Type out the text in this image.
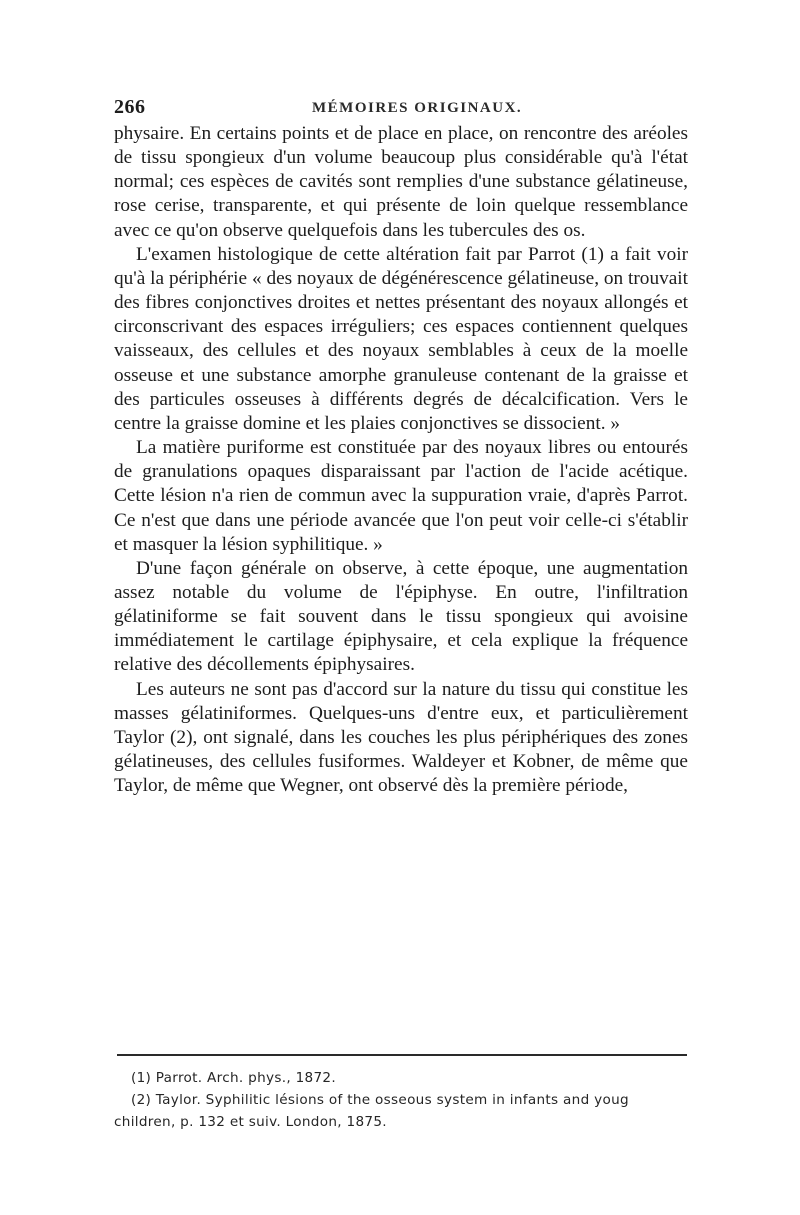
266	MÉMOIRES ORIGINAUX.

physaire. En certains points et de place en place, on rencontre des aréoles de tissu spongieux d'un volume beaucoup plus considérable qu'à l'état normal; ces espèces de cavités sont remplies d'une substance gélatineuse, rose cerise, transparente, et qui présente de loin quelque ressemblance avec ce qu'on observe quelquefois dans les tubercules des os.

L'examen histologique de cette altération fait par Parrot (1) a fait voir qu'à la périphérie « des noyaux de dégénérescence gélatineuse, on trouvait des fibres conjonctives droites et nettes présentant des noyaux allongés et circonscrivant des espaces irréguliers; ces espaces contiennent quelques vaisseaux, des cellules et des noyaux semblables à ceux de la moelle osseuse et une substance amorphe granuleuse contenant de la graisse et des particules osseuses à différents degrés de décalcification. Vers le centre la graisse domine et les plaies conjonctives se dissocient. »

La matière puriforme est constituée par des noyaux libres ou entourés de granulations opaques disparaissant par l'action de l'acide acétique. Cette lésion n'a rien de commun avec la suppuration vraie, d'après Parrot. Ce n'est que dans une période avancée que l'on peut voir celle-ci s'établir et masquer la lésion syphilitique. »

D'une façon générale on observe, à cette époque, une augmentation assez notable du volume de l'épiphyse. En outre, l'infiltration gélatiniforme se fait souvent dans le tissu spongieux qui avoisine immédiatement le cartilage épiphysaire, et cela explique la fréquence relative des décollements épiphysaires.

Les auteurs ne sont pas d'accord sur la nature du tissu qui constitue les masses gélatiniformes. Quelques-uns d'entre eux, et particulièrement Taylor (2), ont signalé, dans les couches les plus périphériques des zones gélatineuses, des cellules fusiformes. Waldeyer et Kobner, de même que Taylor, de même que Wegner, ont observé dès la première période,

(1) Parrot. Arch. phys., 1872.

(2) Taylor. Syphilitic lésions of the osseous system in infants and youg children, p. 132 et suiv. London, 1875.
